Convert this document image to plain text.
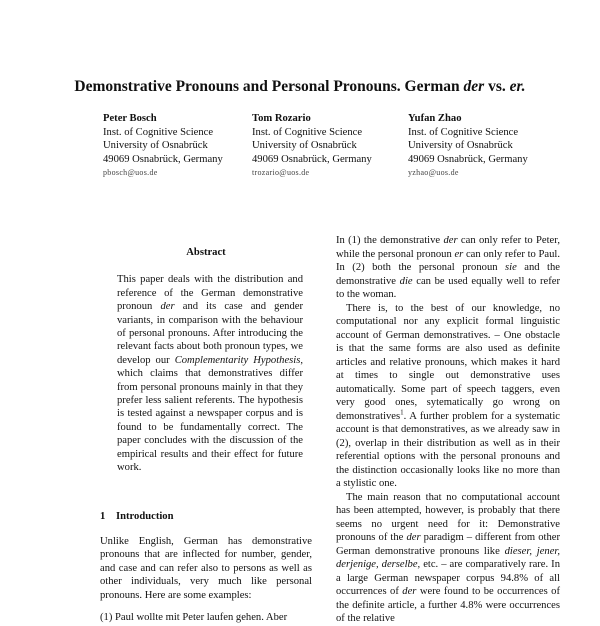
Demonstrative Pronouns and Personal Pronouns. German der vs. er.
Peter Bosch
Inst. of Cognitive Science
University of Osnabrück
49069 Osnabrück, Germany
pbosch@uos.de
Tom Rozario
Inst. of Cognitive Science
University of Osnabrück
49069 Osnabrück, Germany
trozario@uos.de
Yufan Zhao
Inst. of Cognitive Science
University of Osnabrück
49069 Osnabrück, Germany
yzhao@uos.de
Abstract
This paper deals with the distribution and reference of the German demonstrative pronoun der and its case and gender variants, in comparison with the behaviour of personal pronouns. After introducing the relevant facts about both pronoun types, we develop our Complementarity Hypothesis, which claims that demonstratives differ from personal pronouns mainly in that they prefer less salient referents. The hypothesis is tested against a newspaper corpus and is found to be fundamentally correct. The paper concludes with the discussion of the empirical results and their effect for future work.
1 Introduction
Unlike English, German has demonstrative pronouns that are inflected for number, gender, and case and can refer also to persons as well as other individuals, very much like personal pronouns. Here are some examples:
(1) Paul wollte mit Peter laufen gehen. Aber

In (1) the demonstrative der can only refer to Peter, while the personal pronoun er can only refer to Paul. In (2) both the personal pronoun sie and the demonstrative die can be used equally well to refer to the woman.

There is, to the best of our knowledge, no computational nor any explicit formal linguistic account of German demonstratives. – One obstacle is that the same forms are also used as definite articles and relative pronouns, which makes it hard at times to single out demonstrative uses automatically. Some part of speech taggers, even very good ones, sytematically go wrong on demonstratives$^1$. A further problem for a systematic account is that demonstratives, as we already saw in (2), overlap in their distribution as well as in their referential options with the personal pronouns and the distinction occasionally looks like no more than a stylistic one.

The main reason that no computational account has been attempted, however, is probably that there seems no urgent need for it: Demonstrative pronouns of the der paradigm – different from other German demonstrative pronouns like dieser, jener, derjenige, derselbe, etc. – are comparatively rare. In a large German newspaper corpus 94.8% of all occurrences of der were found to be occurrences of the definite article, a further 4.8% were occurrences of the relative
